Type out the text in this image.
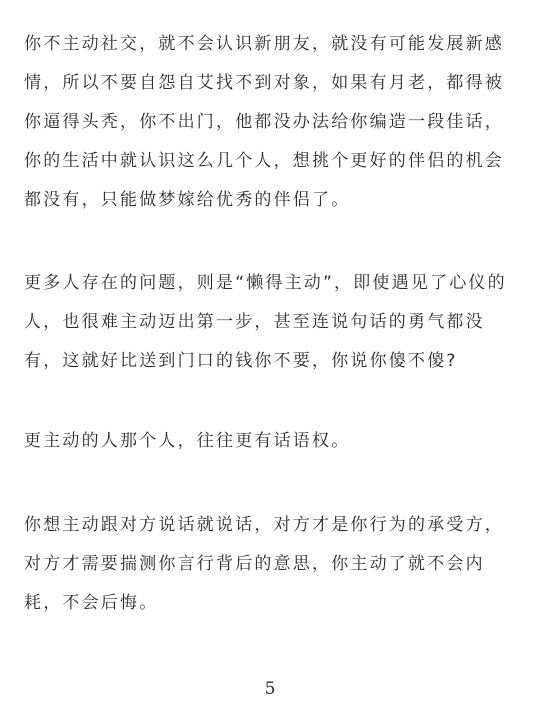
你不主动社交，就不会认识新朋友，就没有可能发展新感
情，所以不要自怨自艾找不到对象，如果有月老，都得被
你逼得头秃，你不出门，他都没办法给你编造一段佳话，
你的生活中就认识这么几个人，想挑个更好的伴侣的机会
都没有，只能做梦嫁给优秀的伴侣了。
更多人存在的问题，则是“懒得主动”，即使遇见了心仪的
人，也很难主动迈出第一步，甚至连说句话的勇气都没
有，这就好比送到门口的钱你不要，你说你傻不傻?
更主动的人那个人，往往更有话语权。
你想主动跟对方说话就说话，对方才是你行为的承受方，
对方才需要揣测你言行背后的意思，你主动了就不会内
耗，不会后悔。
5
